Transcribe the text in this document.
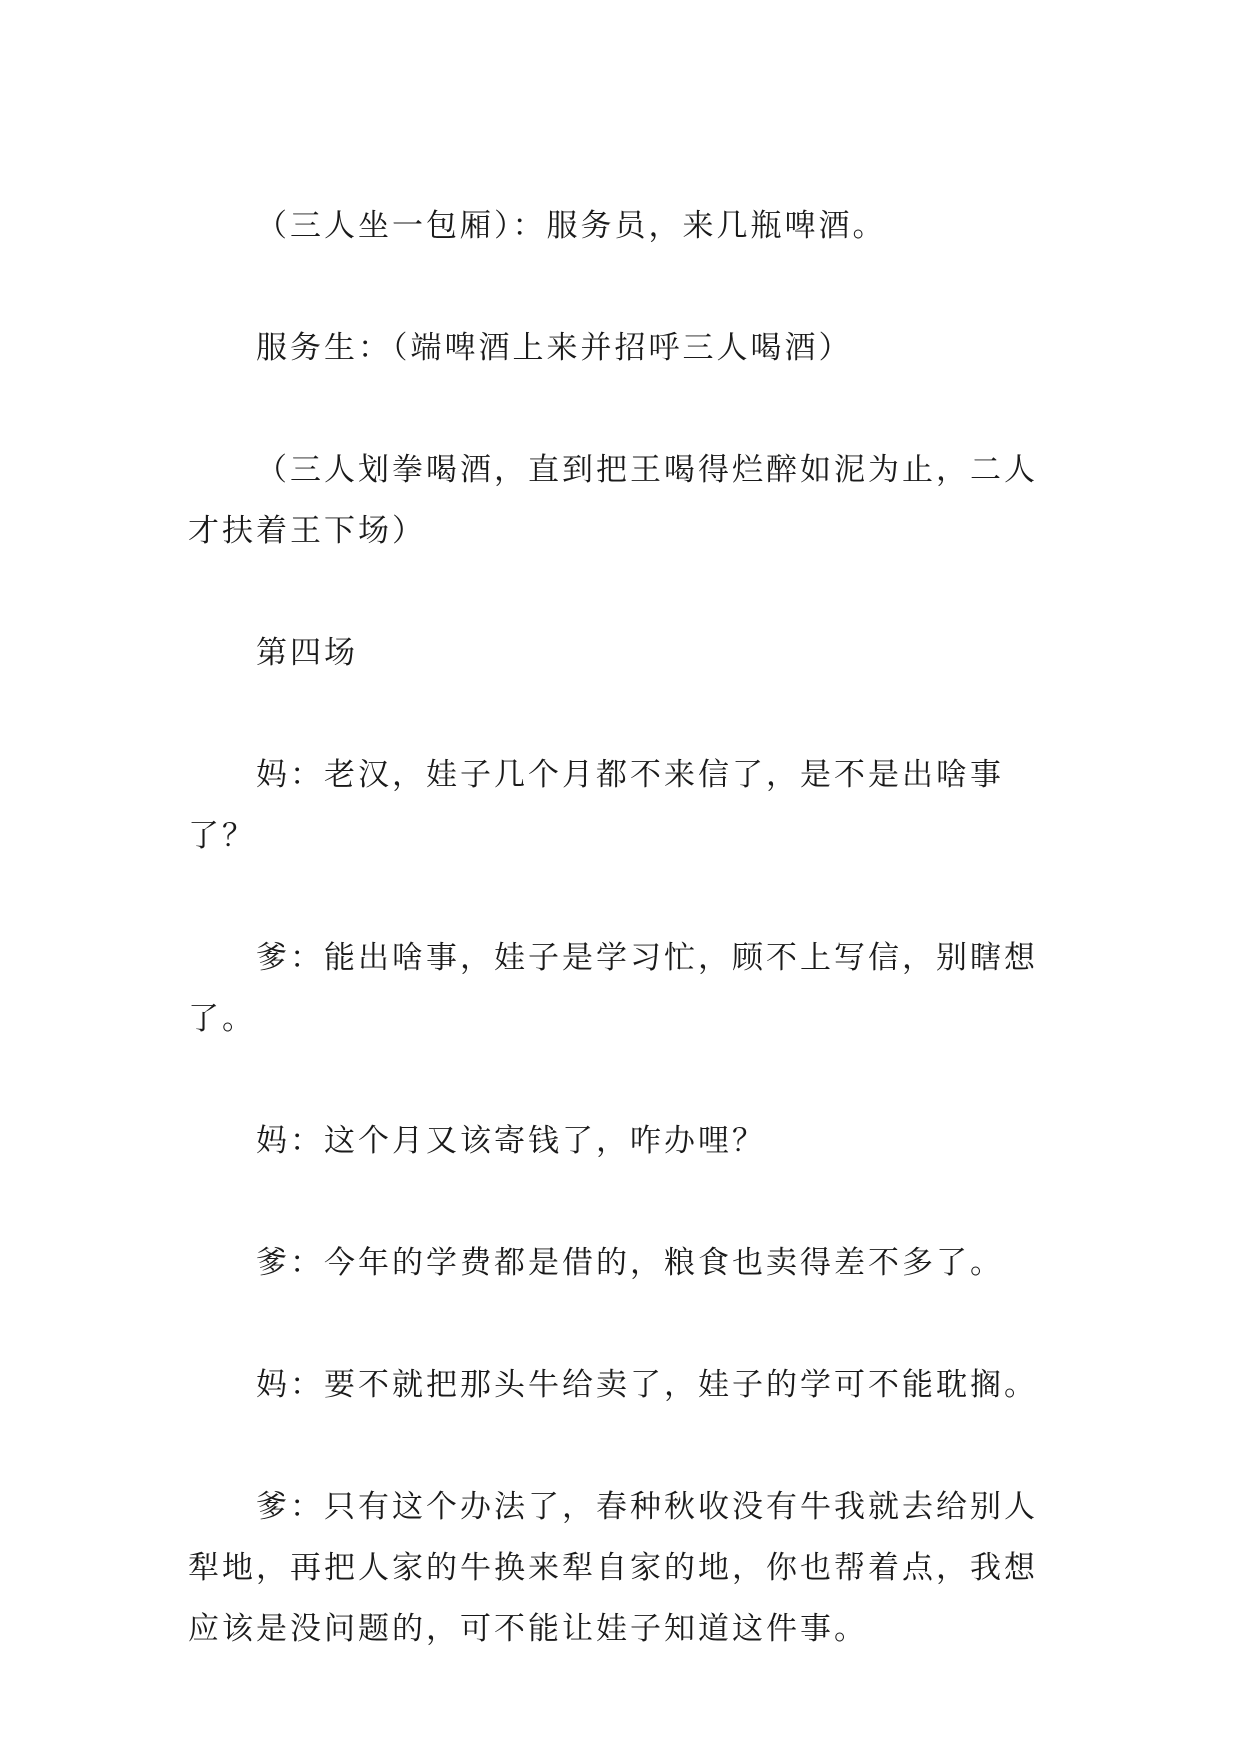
（三人坐一包厢）：服务员，来几瓶啤酒。

服务生：（端啤酒上来并招呼三人喝酒）

（三人划拳喝酒，直到把王喝得烂醉如泥为止，二人才扶着王下场）

第四场

妈：老汉，娃子几个月都不来信了，是不是出啥事了？

爹：能出啥事，娃子是学习忙，顾不上写信，别瞎想了。

妈：这个月又该寄钱了，咋办哩？

爹：今年的学费都是借的，粮食也卖得差不多了。

妈：要不就把那头牛给卖了，娃子的学可不能耽搁。

爹：只有这个办法了，春种秋收没有牛我就去给别人犁地，再把人家的牛换来犁自家的地，你也帮着点，我想应该是没问题的，可不能让娃子知道这件事。
